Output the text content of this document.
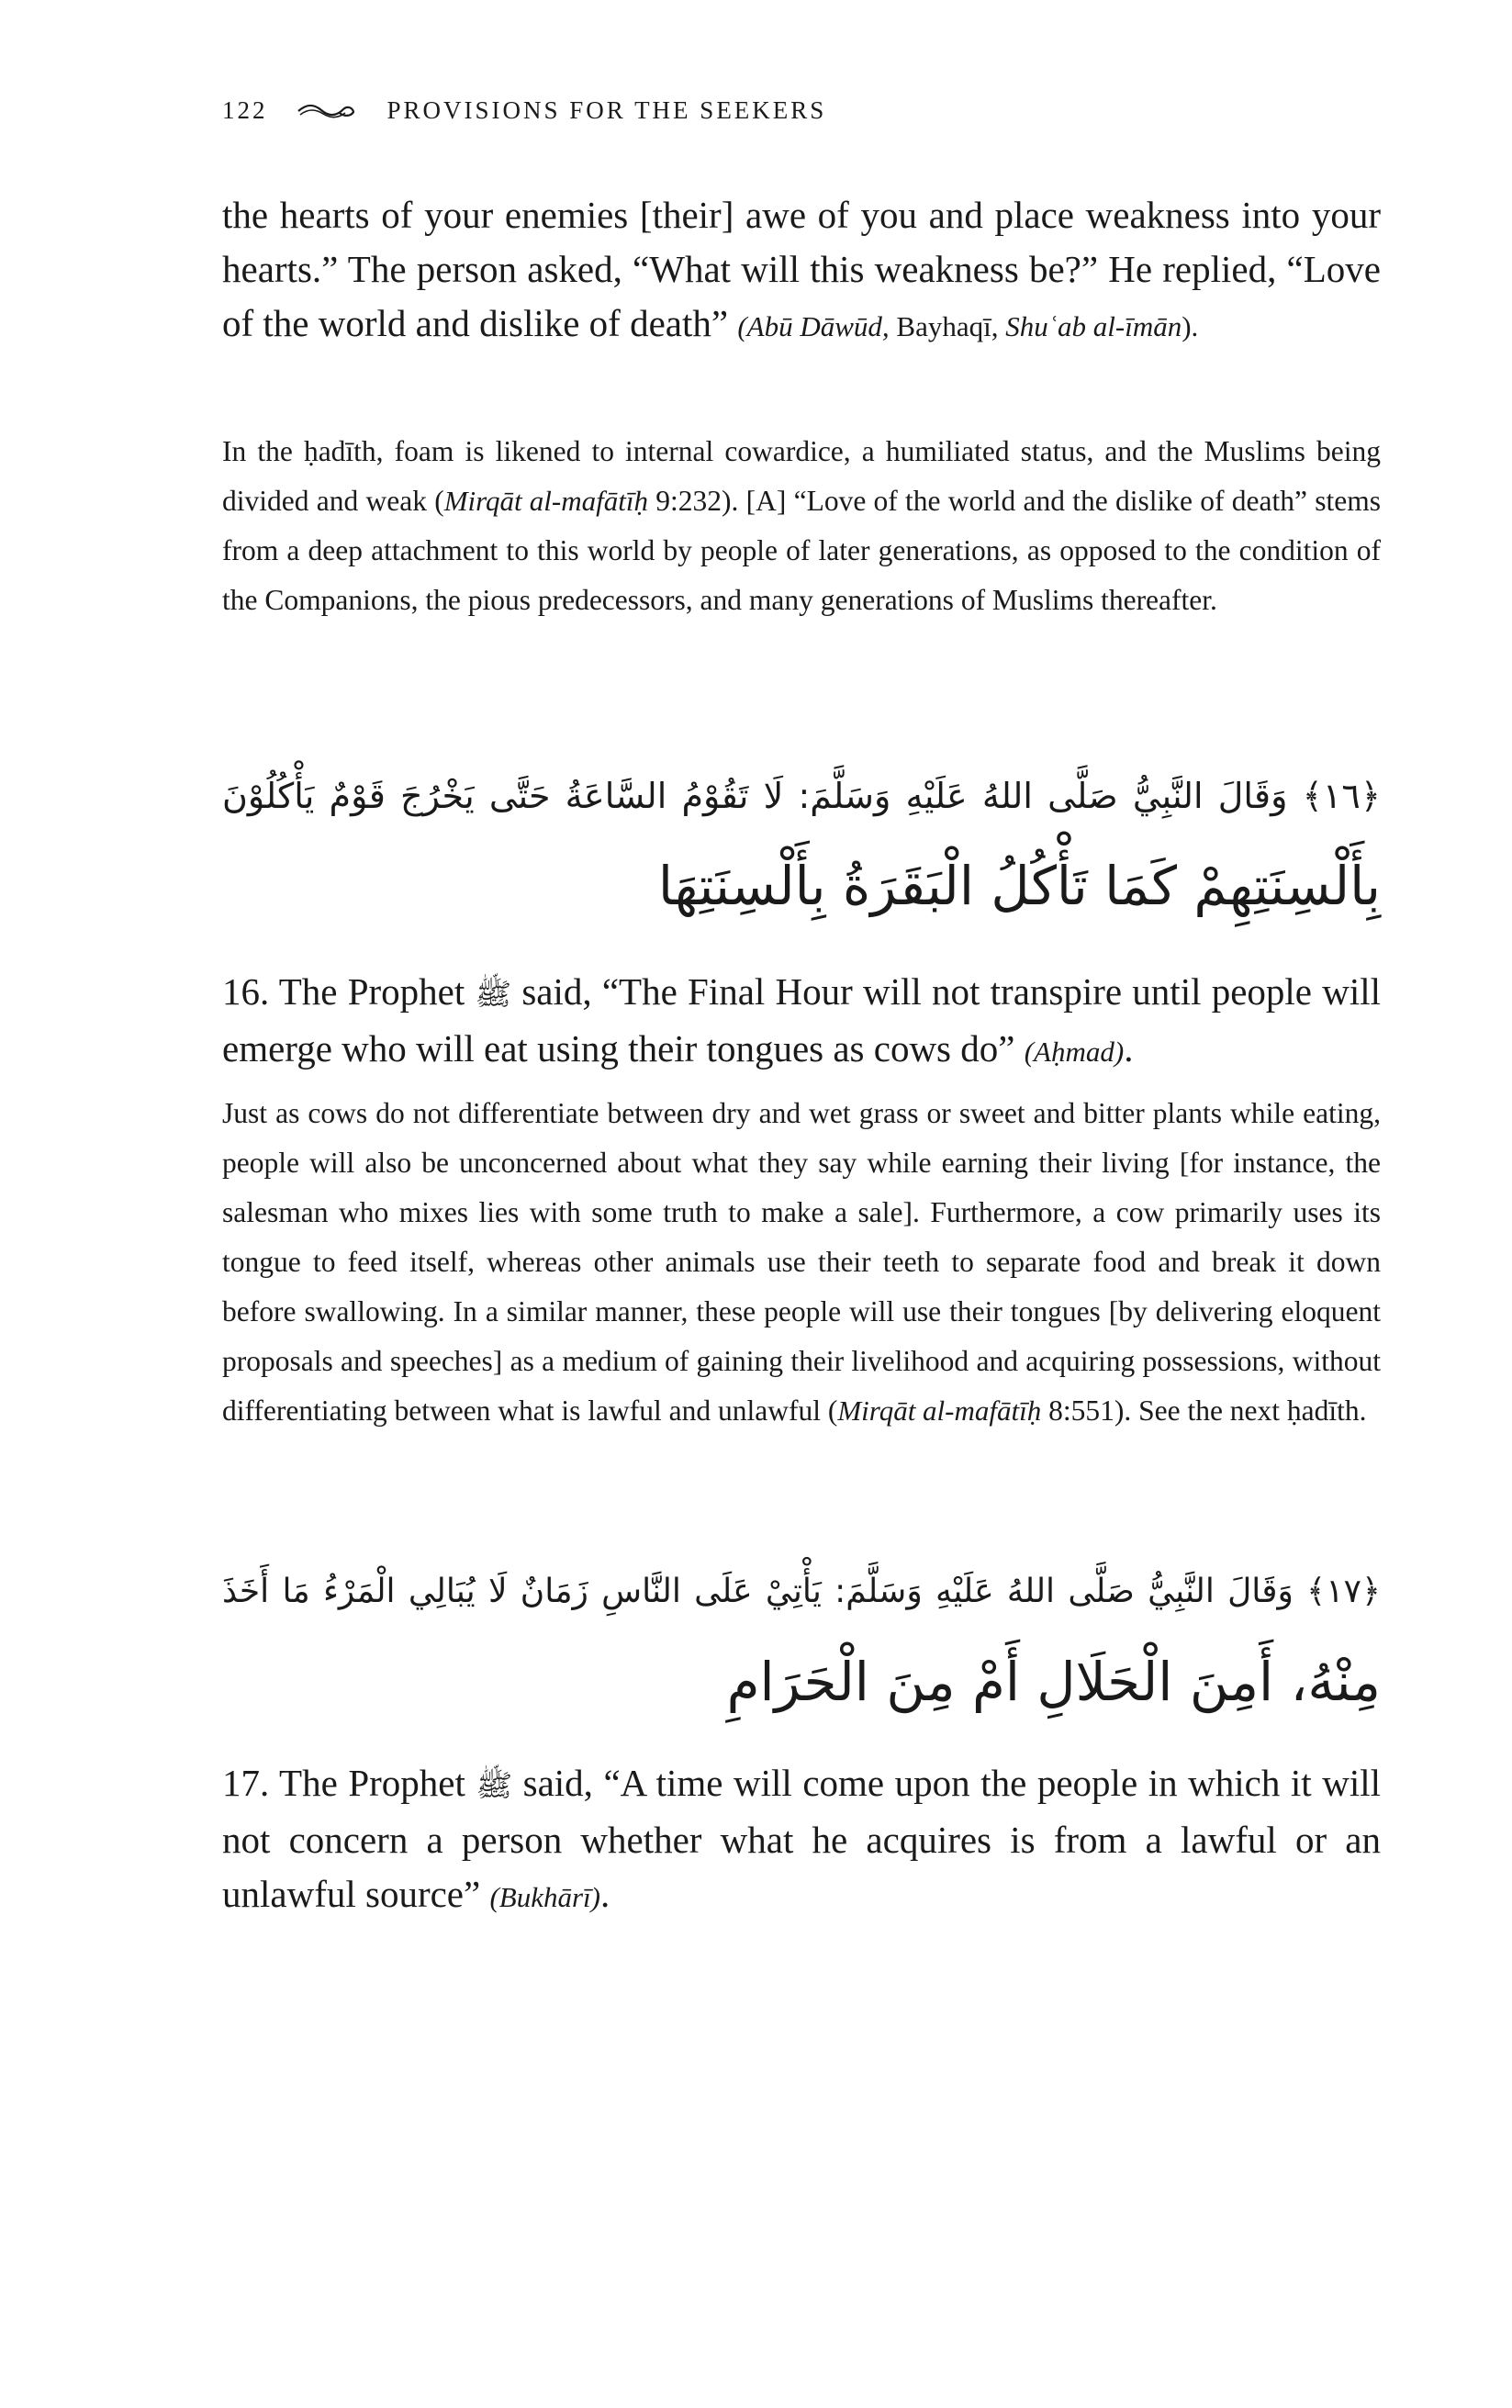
122	PROVISIONS FOR THE SEEKERS
the hearts of your enemies [their] awe of you and place weakness into your hearts.” The person asked, “What will this weakness be?” He replied, “Love of the world and dislike of death” (Abū Dāwūd, Bayhaqī, Shuʿab al-īmān).
In the ḥadīth, foam is likened to internal cowardice, a humiliated status, and the Muslims being divided and weak (Mirqāt al-mafātīḥ 9:232). [A] “Love of the world and the dislike of death” stems from a deep attachment to this world by people of later generations, as opposed to the condition of the Companions, the pious predecessors, and many generations of Muslims thereafter.
﴿١٦﴾ وَقَالَ النَّبِيُّ صَلَّى اللهُ عَلَيْهِ وَسَلَّمَ: لَا تَقُوْمُ السَّاعَةُ حَتَّى يَخْرُجَ قَوْمٌ يَأْكُلُوْنَ
بِأَلْسِنَتِهِمْ كَمَا تَأْكُلُ الْبَقَرَةُ بِأَلْسِنَتِهَا
16. The Prophet ﷺ said, “The Final Hour will not transpire until people will emerge who will eat using their tongues as cows do” (Aḥmad).
Just as cows do not differentiate between dry and wet grass or sweet and bitter plants while eating, people will also be unconcerned about what they say while earning their living [for instance, the salesman who mixes lies with some truth to make a sale]. Furthermore, a cow primarily uses its tongue to feed itself, whereas other animals use their teeth to separate food and break it down before swallowing. In a similar manner, these people will use their tongues [by delivering eloquent proposals and speeches] as a medium of gaining their livelihood and acquiring possessions, without differentiating between what is lawful and unlawful (Mirqāt al-mafātīḥ 8:551). See the next ḥadīth.
﴿١٧﴾ وَقَالَ النَّبِيُّ صَلَّى اللهُ عَلَيْهِ وَسَلَّمَ: يَأْتِيْ عَلَى النَّاسِ زَمَانٌ لَا يُبَالِي الْمَرْءُ مَا أَخَذَ
مِنْهُ، أَمِنَ الْحَلَالِ أَمْ مِنَ الْحَرَامِ
17. The Prophet ﷺ said, “A time will come upon the people in which it will not concern a person whether what he acquires is from a lawful or an unlawful source” (Bukhārī).
